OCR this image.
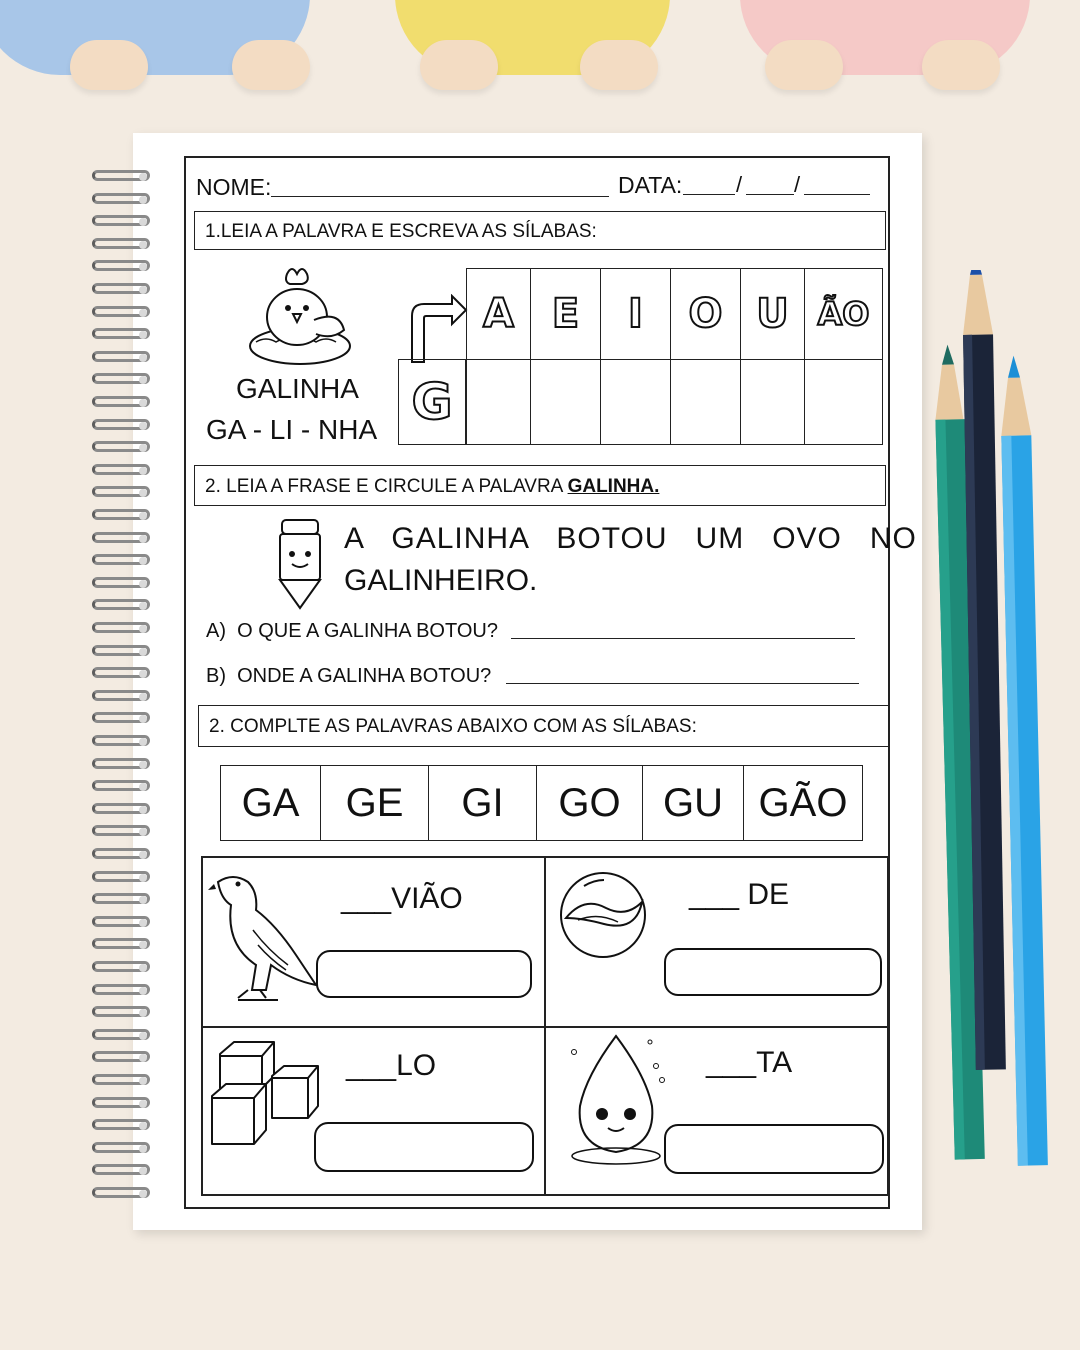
NOME:	DATA: / /
1.LEIA A PALAVRA E ESCREVA AS SÍLABAS:
GALINHA
GA - LI - NHA
A E I O U ÃO
G
2. LEIA A FRASE E CIRCULE A PALAVRA GALINHA.
A   GALINHA   BOTOU   UM   OVO   NO
GALINHEIRO.
A)  O QUE A GALINHA BOTOU?
B)  ONDE A GALINHA BOTOU?
2. COMPLTE AS PALAVRAS ABAIXO COM AS SÍLABAS:
GA GE GI GO GU GÃO
___VIÃO	___ DE
___LO	___TA
